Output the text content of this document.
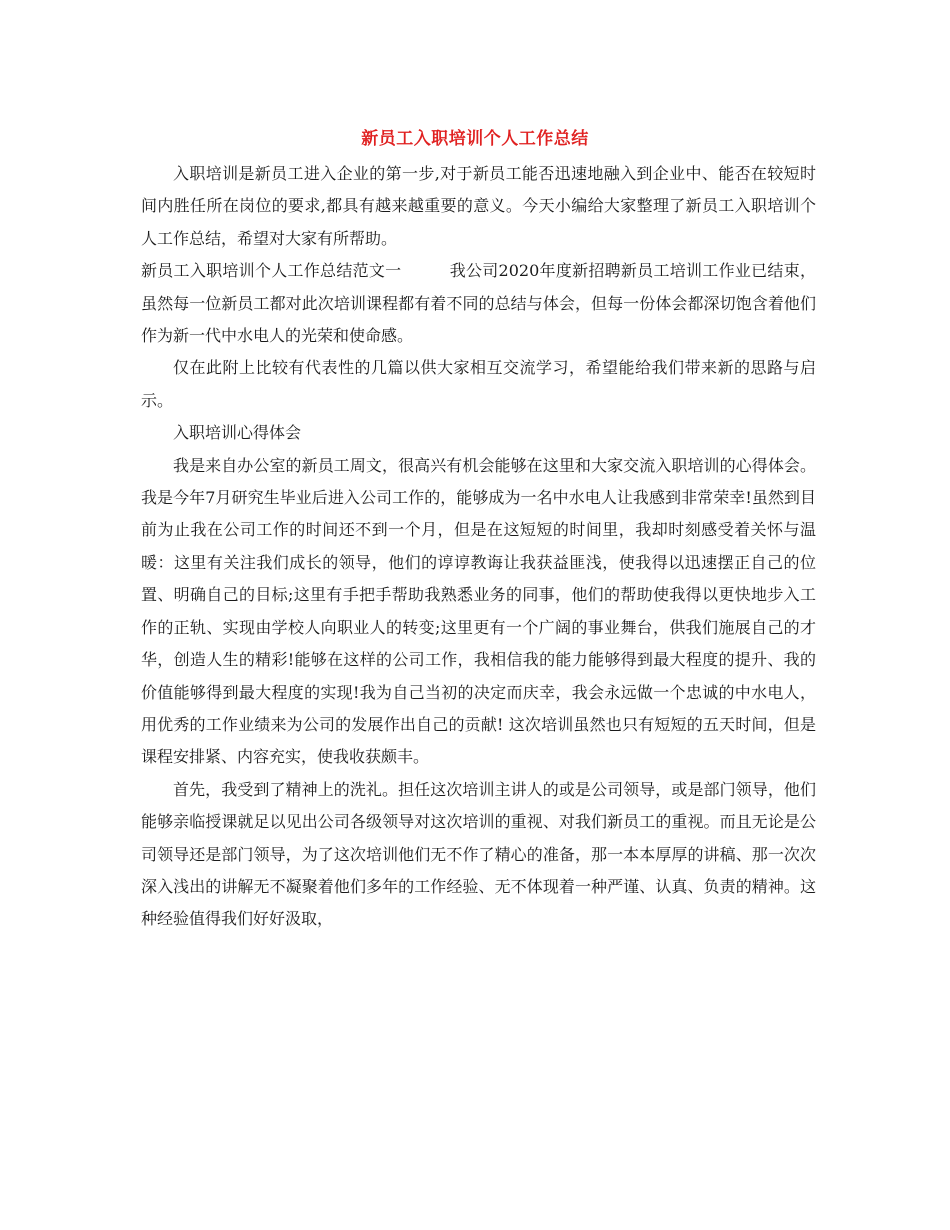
新员工入职培训个人工作总结

入职培训是新员工进入企业的第一步,对于新员工能否迅速地融入到企业中、能否在较短时间内胜任所在岗位的要求,都具有越来越重要的意义。今天小编给大家整理了新员工入职培训个人工作总结，希望对大家有所帮助。

新员工入职培训个人工作总结范文一	我公司2020年度新招聘新员工培训工作业已结束，虽然每一位新员工都对此次培训课程都有着不同的总结与体会，但每一份体会都深切饱含着他们作为新一代中水电人的光荣和使命感。

仅在此附上比较有代表性的几篇以供大家相互交流学习，希望能给我们带来新的思路与启示。

入职培训心得体会

我是来自办公室的新员工周文，很高兴有机会能够在这里和大家交流入职培训的心得体会。 我是今年7月研究生毕业后进入公司工作的，能够成为一名中水电人让我感到非常荣幸!虽然到目前为止我在公司工作的时间还不到一个月，但是在这短短的时间里，我却时刻感受着关怀与温暖：这里有关注我们成长的领导，他们的谆谆教诲让我获益匪浅，使我得以迅速摆正自己的位置、明确自己的目标;这里有手把手帮助我熟悉业务的同事，他们的帮助使我得以更快地步入工作的正轨、实现由学校人向职业人的转变;这里更有一个广阔的事业舞台，供我们施展自己的才华，创造人生的精彩!能够在这样的公司工作，我相信我的能力能够得到最大程度的提升、我的价值能够得到最大程度的实现!我为自己当初的决定而庆幸，我会永远做一个忠诚的中水电人，用优秀的工作业绩来为公司的发展作出自己的贡献! 这次培训虽然也只有短短的五天时间，但是课程安排紧、内容充实，使我收获颇丰。

首先，我受到了精神上的洗礼。担任这次培训主讲人的或是公司领导，或是部门领导，他们能够亲临授课就足以见出公司各级领导对这次培训的重视、对我们新员工的重视。而且无论是公司领导还是部门领导，为了这次培训他们无不作了精心的准备，那一本本厚厚的讲稿、那一次次深入浅出的讲解无不凝聚着他们多年的工作经验、无不体现着一种严谨、认真、负责的精神。这种经验值得我们好好汲取，
